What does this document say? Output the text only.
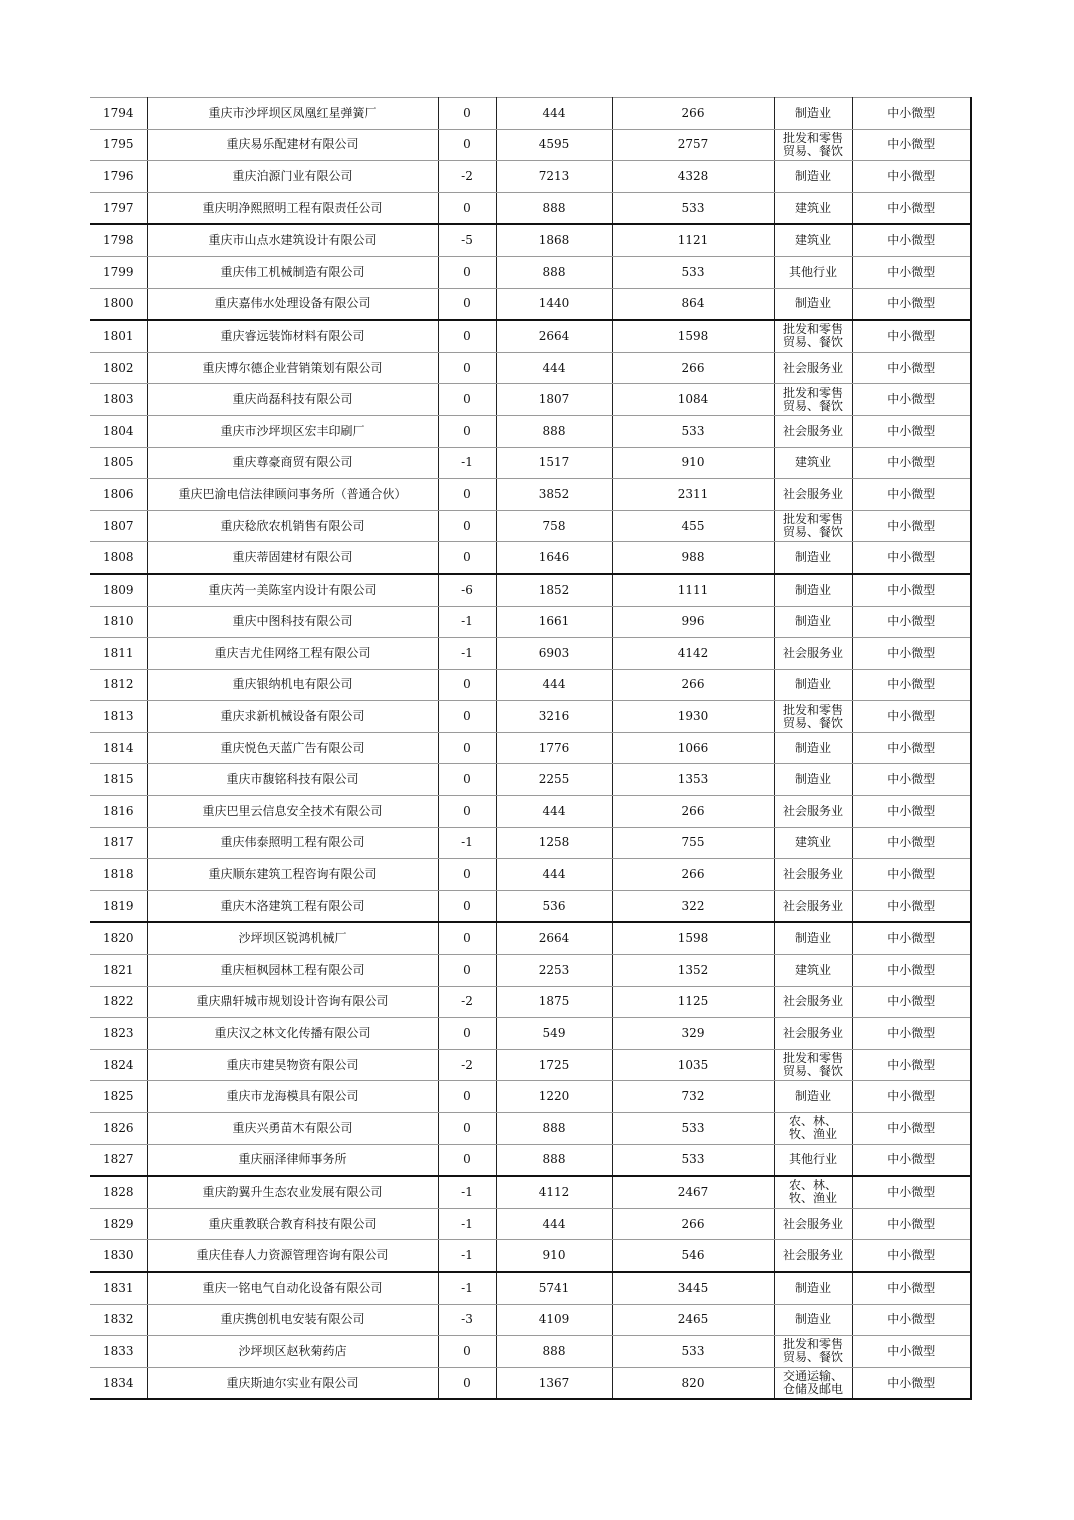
1794	重庆市沙坪坝区凤凰红星弹簧厂	0	444	266	制造业	中小微型
1795	重庆易乐配建材有限公司	0	4595	2757	批发和零售贸易、餐饮	中小微型
1796	重庆泊源门业有限公司	-2	7213	4328	制造业	中小微型
1797	重庆明净熙照明工程有限责任公司	0	888	533	建筑业	中小微型
1798	重庆市山点水建筑设计有限公司	-5	1868	1121	建筑业	中小微型
1799	重庆伟工机械制造有限公司	0	888	533	其他行业	中小微型
1800	重庆嘉伟水处理设备有限公司	0	1440	864	制造业	中小微型
1801	重庆睿远装饰材料有限公司	0	2664	1598	批发和零售贸易、餐饮	中小微型
1802	重庆博尔德企业营销策划有限公司	0	444	266	社会服务业	中小微型
1803	重庆尚磊科技有限公司	0	1807	1084	批发和零售贸易、餐饮	中小微型
1804	重庆市沙坪坝区宏丰印刷厂	0	888	533	社会服务业	中小微型
1805	重庆尊豪商贸有限公司	-1	1517	910	建筑业	中小微型
1806	重庆巴渝电信法律顾问事务所（普通合伙）	0	3852	2311	社会服务业	中小微型
1807	重庆稔欣农机销售有限公司	0	758	455	批发和零售贸易、餐饮	中小微型
1808	重庆蒂固建材有限公司	0	1646	988	制造业	中小微型
1809	重庆芮一美陈室内设计有限公司	-6	1852	1111	制造业	中小微型
1810	重庆中图科技有限公司	-1	1661	996	制造业	中小微型
1811	重庆吉尤佳网络工程有限公司	-1	6903	4142	社会服务业	中小微型
1812	重庆银纳机电有限公司	0	444	266	制造业	中小微型
1813	重庆求新机械设备有限公司	0	3216	1930	批发和零售贸易、餐饮	中小微型
1814	重庆悦色天蓝广告有限公司	0	1776	1066	制造业	中小微型
1815	重庆市馥铭科技有限公司	0	2255	1353	制造业	中小微型
1816	重庆巴里云信息安全技术有限公司	0	444	266	社会服务业	中小微型
1817	重庆伟泰照明工程有限公司	-1	1258	755	建筑业	中小微型
1818	重庆顺东建筑工程咨询有限公司	0	444	266	社会服务业	中小微型
1819	重庆木洛建筑工程有限公司	0	536	322	社会服务业	中小微型
1820	沙坪坝区锐鸿机械厂	0	2664	1598	制造业	中小微型
1821	重庆桓枫园林工程有限公司	0	2253	1352	建筑业	中小微型
1822	重庆鼎轩城市规划设计咨询有限公司	-2	1875	1125	社会服务业	中小微型
1823	重庆汉之林文化传播有限公司	0	549	329	社会服务业	中小微型
1824	重庆市建昊物资有限公司	-2	1725	1035	批发和零售贸易、餐饮	中小微型
1825	重庆市龙海模具有限公司	0	1220	732	制造业	中小微型
1826	重庆兴勇苗木有限公司	0	888	533	农、林、牧、渔业	中小微型
1827	重庆丽泽律师事务所	0	888	533	其他行业	中小微型
1828	重庆韵翼升生态农业发展有限公司	-1	4112	2467	农、林、牧、渔业	中小微型
1829	重庆重教联合教育科技有限公司	-1	444	266	社会服务业	中小微型
1830	重庆佳春人力资源管理咨询有限公司	-1	910	546	社会服务业	中小微型
1831	重庆一铭电气自动化设备有限公司	-1	5741	3445	制造业	中小微型
1832	重庆携创机电安装有限公司	-3	4109	2465	制造业	中小微型
1833	沙坪坝区赵秋菊药店	0	888	533	批发和零售贸易、餐饮	中小微型
1834	重庆斯迪尔实业有限公司	0	1367	820	交通运输、仓储及邮电	中小微型
